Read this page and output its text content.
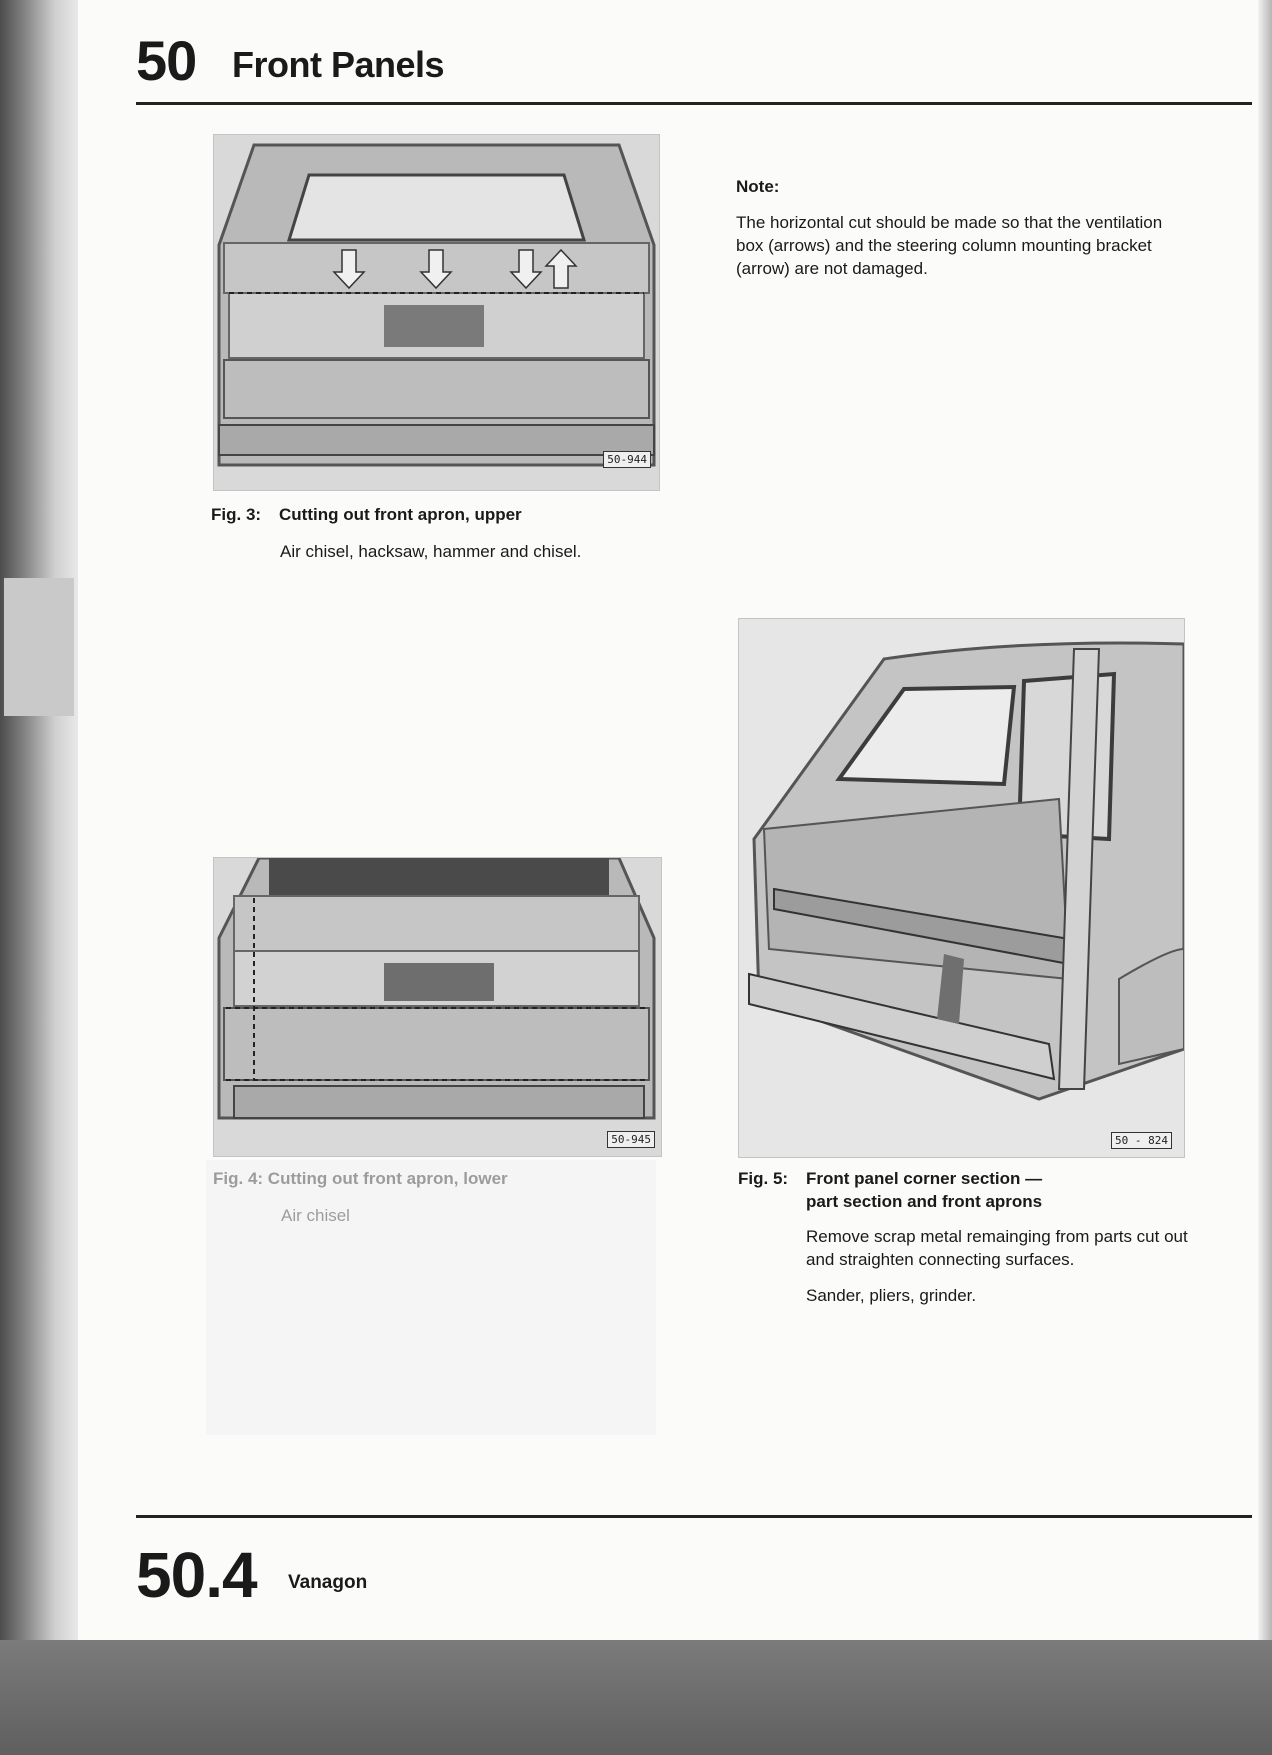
50 Front Panels
50-944
Fig. 3: Cutting out front apron, upper
Air chisel, hacksaw, hammer and chisel.
Note:
The horizontal cut should be made so that the ventilation box (arrows) and the steering column mounting bracket (arrow) are not damaged.
50 - 824
50-945
Fig. 5: Front panel corner section —
part section and front aprons
Remove scrap metal remainging from parts cut out and straighten connecting surfaces.
Sander, pliers, grinder.
50.4 Vanagon
